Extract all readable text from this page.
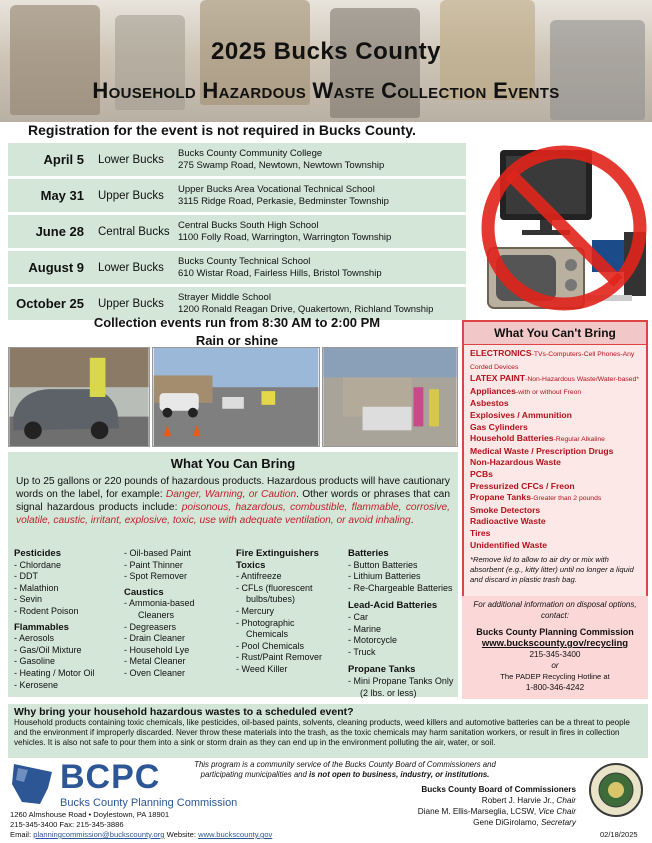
2025 Bucks County
Household Hazardous Waste Collection Events
Registration for the event is not required in Bucks County.
April 5	Lower Bucks
Bucks County Community College
275 Swamp Road, Newtown, Newtown Township
May 31	Upper Bucks
Upper Bucks Area Vocational Technical School
3115 Ridge Road, Perkasie, Bedminster Township
June 28	Central Bucks
Central Bucks South High School
1100 Folly Road, Warrington, Warrington Township
August 9	Lower Bucks
Bucks County Technical School
610 Wistar Road, Fairless Hills, Bristol Township
October 25	Upper Bucks
Strayer Middle School
1200 Ronald Reagan Drive, Quakertown, Richland Township
Collection events run from 8:30 AM to 2:00 PM
Rain or shine
What You Can Bring
Up to 25 gallons or 220 pounds of hazardous products. Hazardous products will have cautionary words on the label, for example: Danger, Warning, or Caution. Other words or phrases that can signal hazardous products include: poisonous, hazardous, combustible, flammable, corrosive, volatile, caustic, irritant, explosive, toxic, use with adequate ventilation, or avoid inhaling.
Pesticides
- Chlordane
- DDT
- Malathion
- Sevin
- Rodent Poison
Flammables
- Aerosols
- Gas/Oil Mixture
- Gasoline
- Heating / Motor Oil
- Kerosene
- Oil-based Paint
- Paint Thinner
- Spot Remover
Caustics
- Ammonia-based
Cleaners
- Degreasers
- Drain Cleaner
- Household Lye
- Metal Cleaner
- Oven Cleaner
Fire Extinguishers
Toxics
- Antifreeze
- CFLs (fluorescent
bulbs/tubes)
- Mercury
- Photographic
Chemicals
- Pool Chemicals
- Rust/Paint Remover
- Weed Killer
Batteries
- Button Batteries
- Lithium Batteries
- Re-Chargeable Batteries
Lead-Acid Batteries
- Car
- Marine
- Motorcycle
- Truck
Propane Tanks
- Mini Propane Tanks Only
(2 lbs. or less)
What You Can't Bring
ELECTRONICS-TVs-Computers-Cell Phones-Any Corded Devices
LATEX PAINT-Non-Hazardous Waste/Water-based*
Appliances-with or without Freon
Asbestos
Explosives / Ammunition
Gas Cylinders
Household Batteries-Regular Alkaline
Medical Waste / Prescription Drugs
Non-Hazardous Waste
PCBs
Pressurized CFCs / Freon
Propane Tanks-Greater than 2 pounds
Smoke Detectors
Radioactive Waste
Tires
Unidentified Waste
*Remove lid to allow to air dry or mix with absorbent (e.g., kitty litter) until no longer a liquid and discard in plastic trash bag.
For additional information on disposal options, contact:
Bucks County Planning Commission
www.buckscounty.gov/recycling
215-345-3400
or
The PADEP Recycling Hotline at
1-800-346-4242
Why bring your household hazardous wastes to a scheduled event?

Household products containing toxic chemicals, like pesticides, oil-based paints, solvents, cleaning products, weed killers and automotive batteries can be a threat to people and the environment if improperly discarded. Never throw these materials into the trash, as the toxic chemicals may harm sanitation workers, or result in fires in collection vehicles. It is also not safe to pour them into a sink or storm drain as they can end up in the environment polluting the air, water, or soil.

BCPC
Bucks County Planning Commission
1260 Almshouse Road • Doylestown, PA 18901
215-345-3400 Fax: 215-345-3886
Email: planningcommission@buckscounty.org Website: www.buckscounty.gov
This program is a community service of the Bucks County Board of Commissioners and participating municipalities and is not open to business, industry, or institutions.
Bucks County Board of Commissioners
Robert J. Harvie Jr., Chair
Diane M. Ellis-Marseglia, LCSW, Vice Chair
Gene DiGirolamo, Secretary
02/18/2025
